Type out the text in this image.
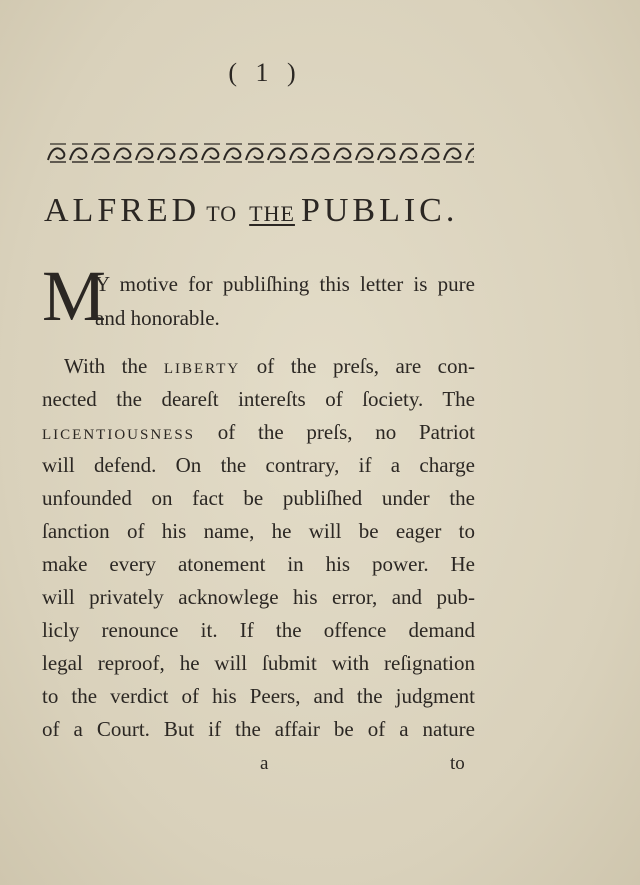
( 1 )
ALFRED TO THE PUBLIC.
M
Y motive for publiſhing this letter is pure
and honorable.
With the liberty of the preſs, are con-
nected the deareſt intereſts of ſociety. The
licentiousness of the preſs, no Patriot
will defend. On the contrary, if a charge
unfounded on fact be publiſhed under the
ſanction of his name, he will be eager to
make every atonement in his power. He
will privately acknowlege his error, and pub-
licly renounce it. If the offence demand
legal reproof, he will ſubmit with reſignation
to the verdict of his Peers, and the judgment
of a Court. But if the affair be of a nature
a	to
